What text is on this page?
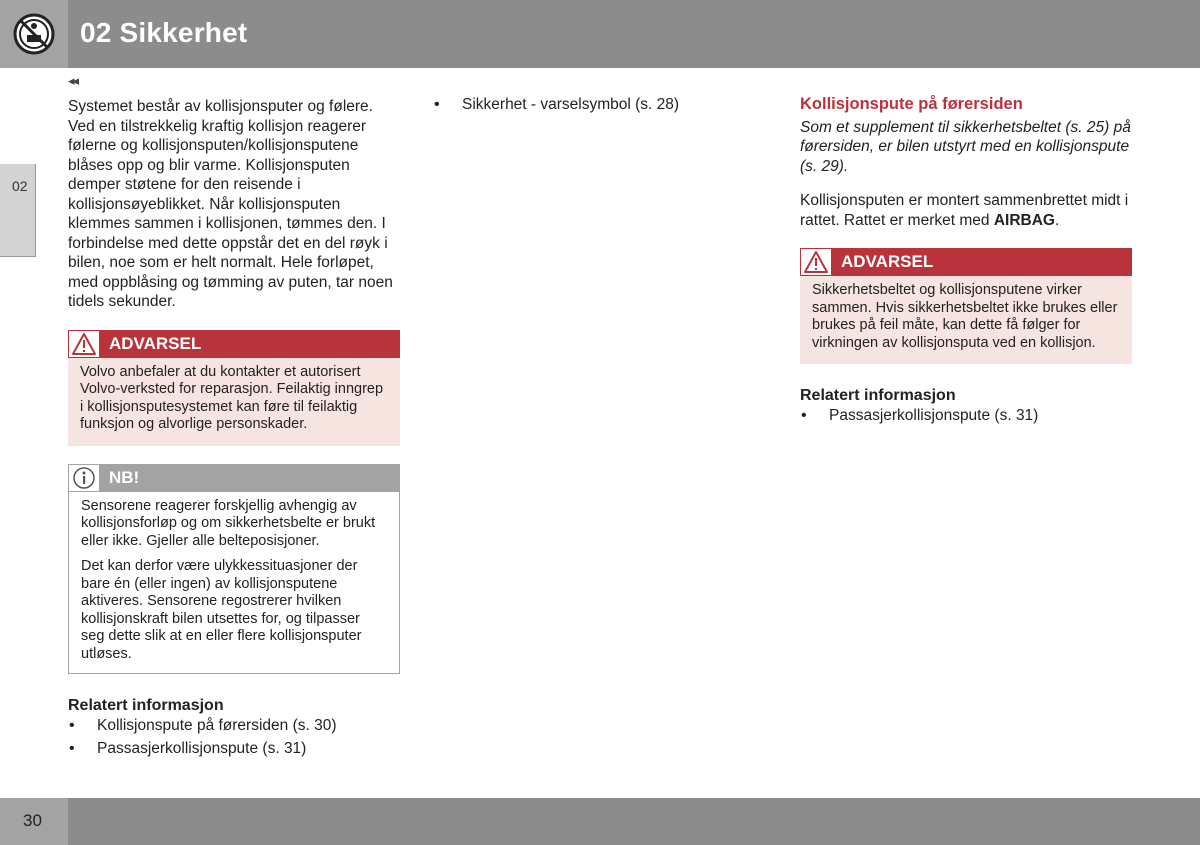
02 Sikkerhet
02
◂◂

Systemet består av kollisjonsputer og følere. Ved en tilstrekkelig kraftig kollisjon reagerer følerne og kollisjonsputen/kollisjonsputene blåses opp og blir varme. Kollisjonsputen demper støtene for den reisende i kollisjonsøyeblikket. Når kollisjonsputen klemmes sammen i kollisjonen, tømmes den. I forbindelse med dette oppstår det en del røyk i bilen, noe som er helt normalt. Hele forløpet, med oppblåsing og tømming av puten, tar noen tidels sekunder.

ADVARSEL
Volvo anbefaler at du kontakter et autorisert Volvo-verksted for reparasjon. Feilaktig inngrep i kollisjonsputesystemet kan føre til feilaktig funksjon og alvorlige personskader.
NB!

Sensorene reagerer forskjellig avhengig av kollisjonsforløp og om sikkerhetsbelte er brukt eller ikke. Gjeller alle belteposisjoner.

Det kan derfor være ulykkessituasjoner der bare én (eller ingen) av kollisjonsputene aktiveres. Sensorene regostrerer hvilken kollisjonskraft bilen utsettes for, og tilpasser seg dette slik at en eller flere kollisjonsputer utløses.

Relatert informasjon
• Kollisjonspute på førersiden (s. 30)
• Passasjerkollisjonspute (s. 31)
• Sikkerhet - varselsymbol (s. 28)	Kollisjonspute på førersiden

Som et supplement til sikkerhetsbeltet (s. 25) på førersiden, er bilen utstyrt med en kollisjonspute (s. 29).

Kollisjonsputen er montert sammenbrettet midt i rattet. Rattet er merket med AIRBAG.

ADVARSEL
Sikkerhetsbeltet og kollisjonsputene virker sammen. Hvis sikkerhetsbeltet ikke brukes eller brukes på feil måte, kan dette få følger for virkningen av kollisjonsputa ved en kollisjon.
Relatert informasjon
• Passasjerkollisjonspute (s. 31)
30
